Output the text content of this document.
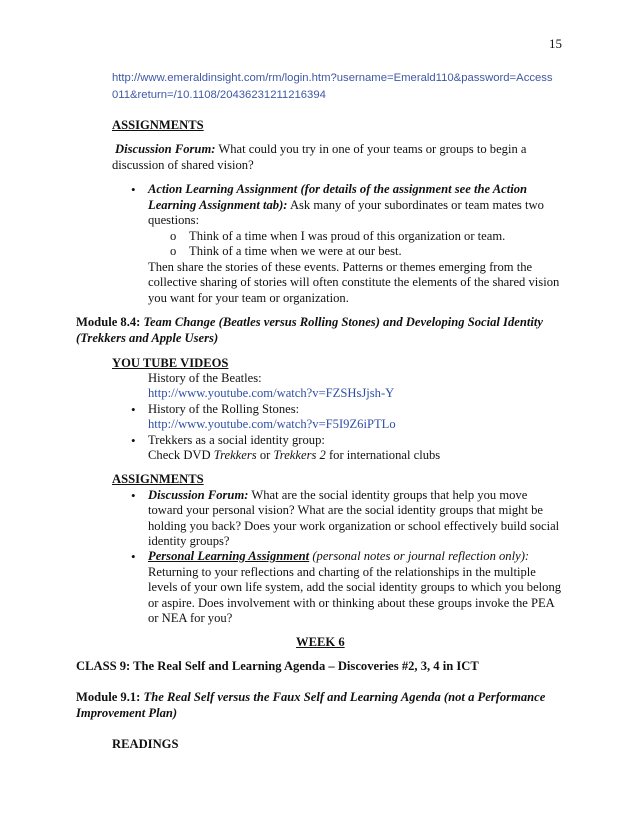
15
http://www.emeraldinsight.com/rm/login.htm?username=Emerald110&password=Access
011&return=/10.1108/20436231211216394
ASSIGNMENTS
Discussion Forum: What could you try in one of your teams or groups to begin a
discussion of shared vision?
• Action Learning Assignment (for details of the assignment see the Action
Learning Assignment tab): Ask many of your subordinates or team mates two
questions:
o Think of a time when I was proud of this organization or team.
o Think of a time when we were at our best.
Then share the stories of these events. Patterns or themes emerging from the
collective sharing of stories will often constitute the elements of the shared vision
you want for your team or organization.
Module 8.4: Team Change (Beatles versus Rolling Stones) and Developing Social Identity
(Trekkers and Apple Users)
YOU TUBE VIDEOS
History of the Beatles:
http://www.youtube.com/watch?v=FZSHsJjsh-Y
• History of the Rolling Stones:
http://www.youtube.com/watch?v=F5I9Z6iPTLo
• Trekkers as a social identity group:
Check DVD Trekkers or Trekkers 2 for international clubs
ASSIGNMENTS
• Discussion Forum: What are the social identity groups that help you move
toward your personal vision? What are the social identity groups that might be
holding you back? Does your work organization or school effectively build social
identity groups?
• Personal Learning Assignment (personal notes or journal reflection only):
Returning to your reflections and charting of the relationships in the multiple
levels of your own life system, add the social identity groups to which you belong
or aspire. Does involvement with or thinking about these groups invoke the PEA
or NEA for you?
WEEK 6
CLASS 9: The Real Self and Learning Agenda – Discoveries #2, 3, 4 in ICT
Module 9.1: The Real Self versus the Faux Self and Learning Agenda (not a Performance
Improvement Plan)
READINGS
